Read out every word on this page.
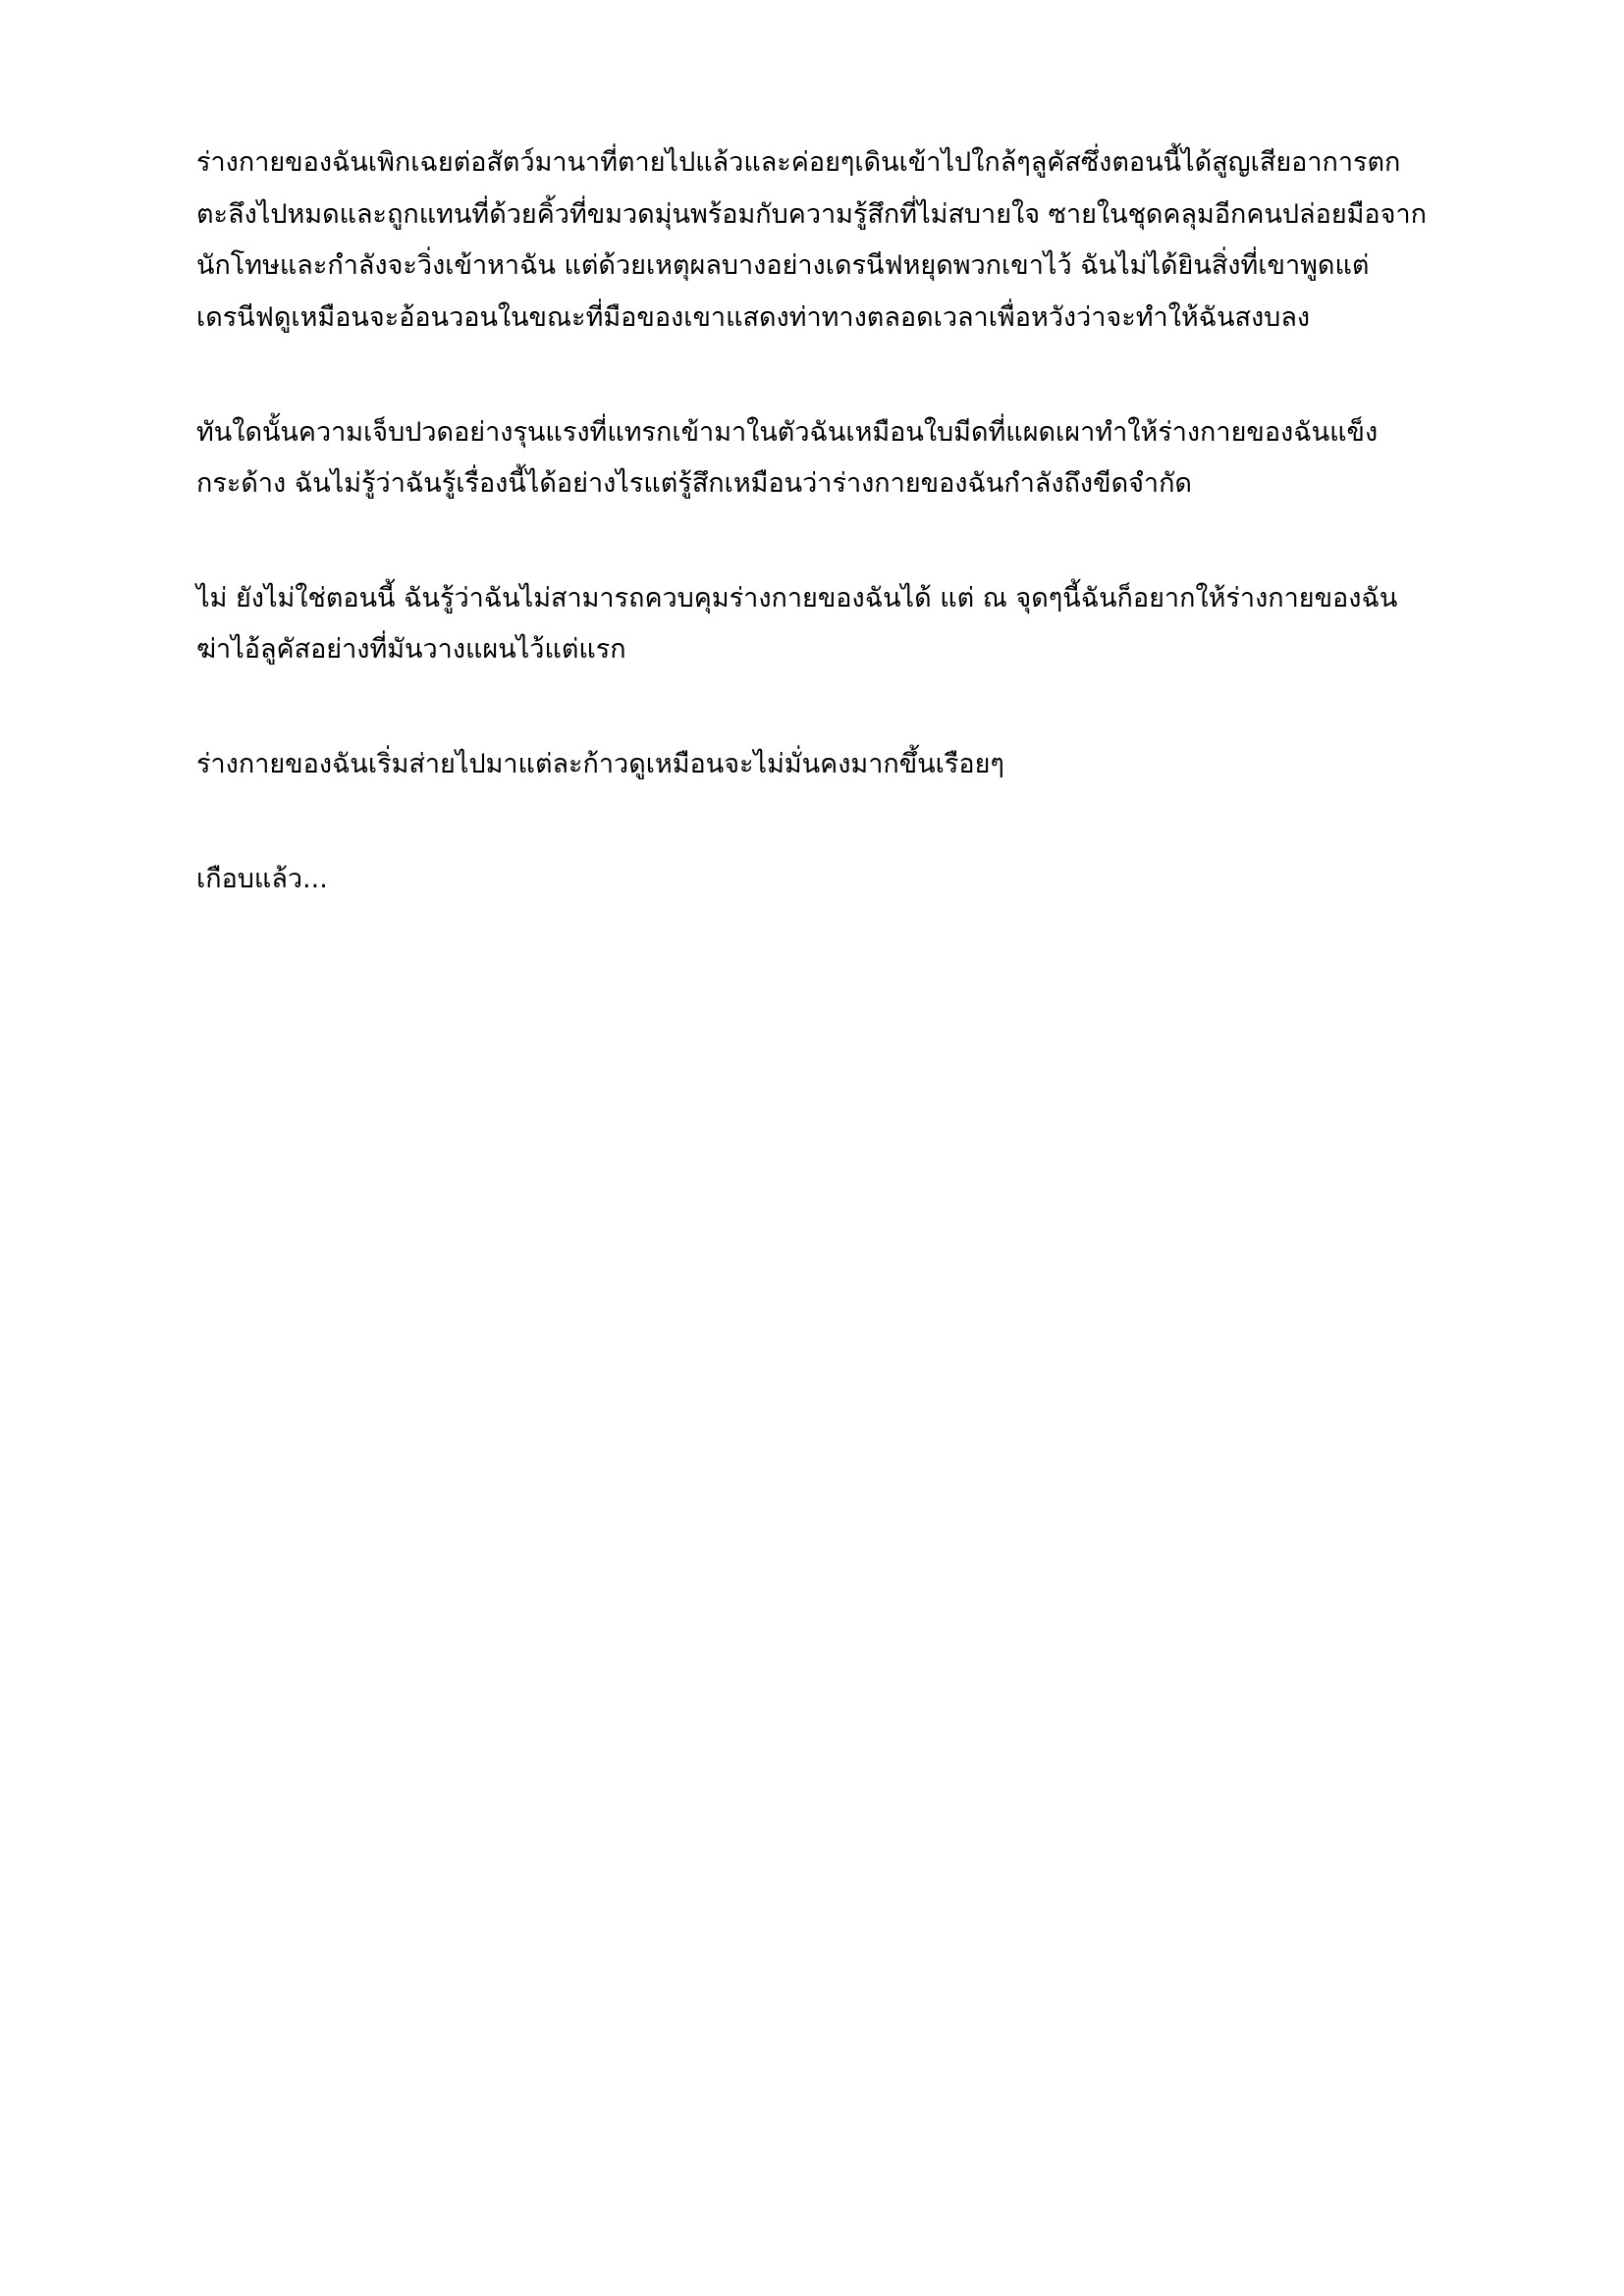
ร่างกายของฉันเพิกเฉยต่อสัตว์มานาที่ตายไปแล้วและค่อยๆเดินเข้าไปใกล้ๆลูคัสซึ่งตอนนี้ได้สูญเสียอาการตกตะลึงไปหมดและถูกแทนที่ด้วยคิ้วที่ขมวดมุ่นพร้อมกับความรู้สึกที่ไม่สบายใจ ซายในชุดคลุมอีกคนปล่อยมือจากนักโทษและกำลังจะวิ่งเข้าหาฉัน แต่ด้วยเหตุผลบางอย่างเดรนีฟหยุดพวกเขาไว้ ฉันไม่ได้ยินสิ่งที่เขาพูดแต่เดรนีฟดูเหมือนจะอ้อนวอนในขณะที่มือของเขาแสดงท่าทางตลอดเวลาเพื่อหวังว่าจะทำให้ฉันสงบลง

ทันใดนั้นความเจ็บปวดอย่างรุนแรงที่แทรกเข้ามาในตัวฉันเหมือนใบมีดที่แผดเผาทำให้ร่างกายของฉันแข็งกระด้าง ฉันไม่รู้ว่าฉันรู้เรื่องนี้ได้อย่างไรแต่รู้สึกเหมือนว่าร่างกายของฉันกำลังถึงขีดจำกัด

ไม่ ยังไม่ใช่ตอนนี้ ฉันรู้ว่าฉันไม่สามารถควบคุมร่างกายของฉันได้ แต่ ณ จุดๆนี้ฉันก็อยากให้ร่างกายของฉันฆ่าไอ้ลูคัสอย่างที่มันวางแผนไว้แต่แรก

ร่างกายของฉันเริ่มส่ายไปมาแต่ละก้าวดูเหมือนจะไม่มั่นคงมากขึ้นเรือยๆ

เกือบแล้ว...
